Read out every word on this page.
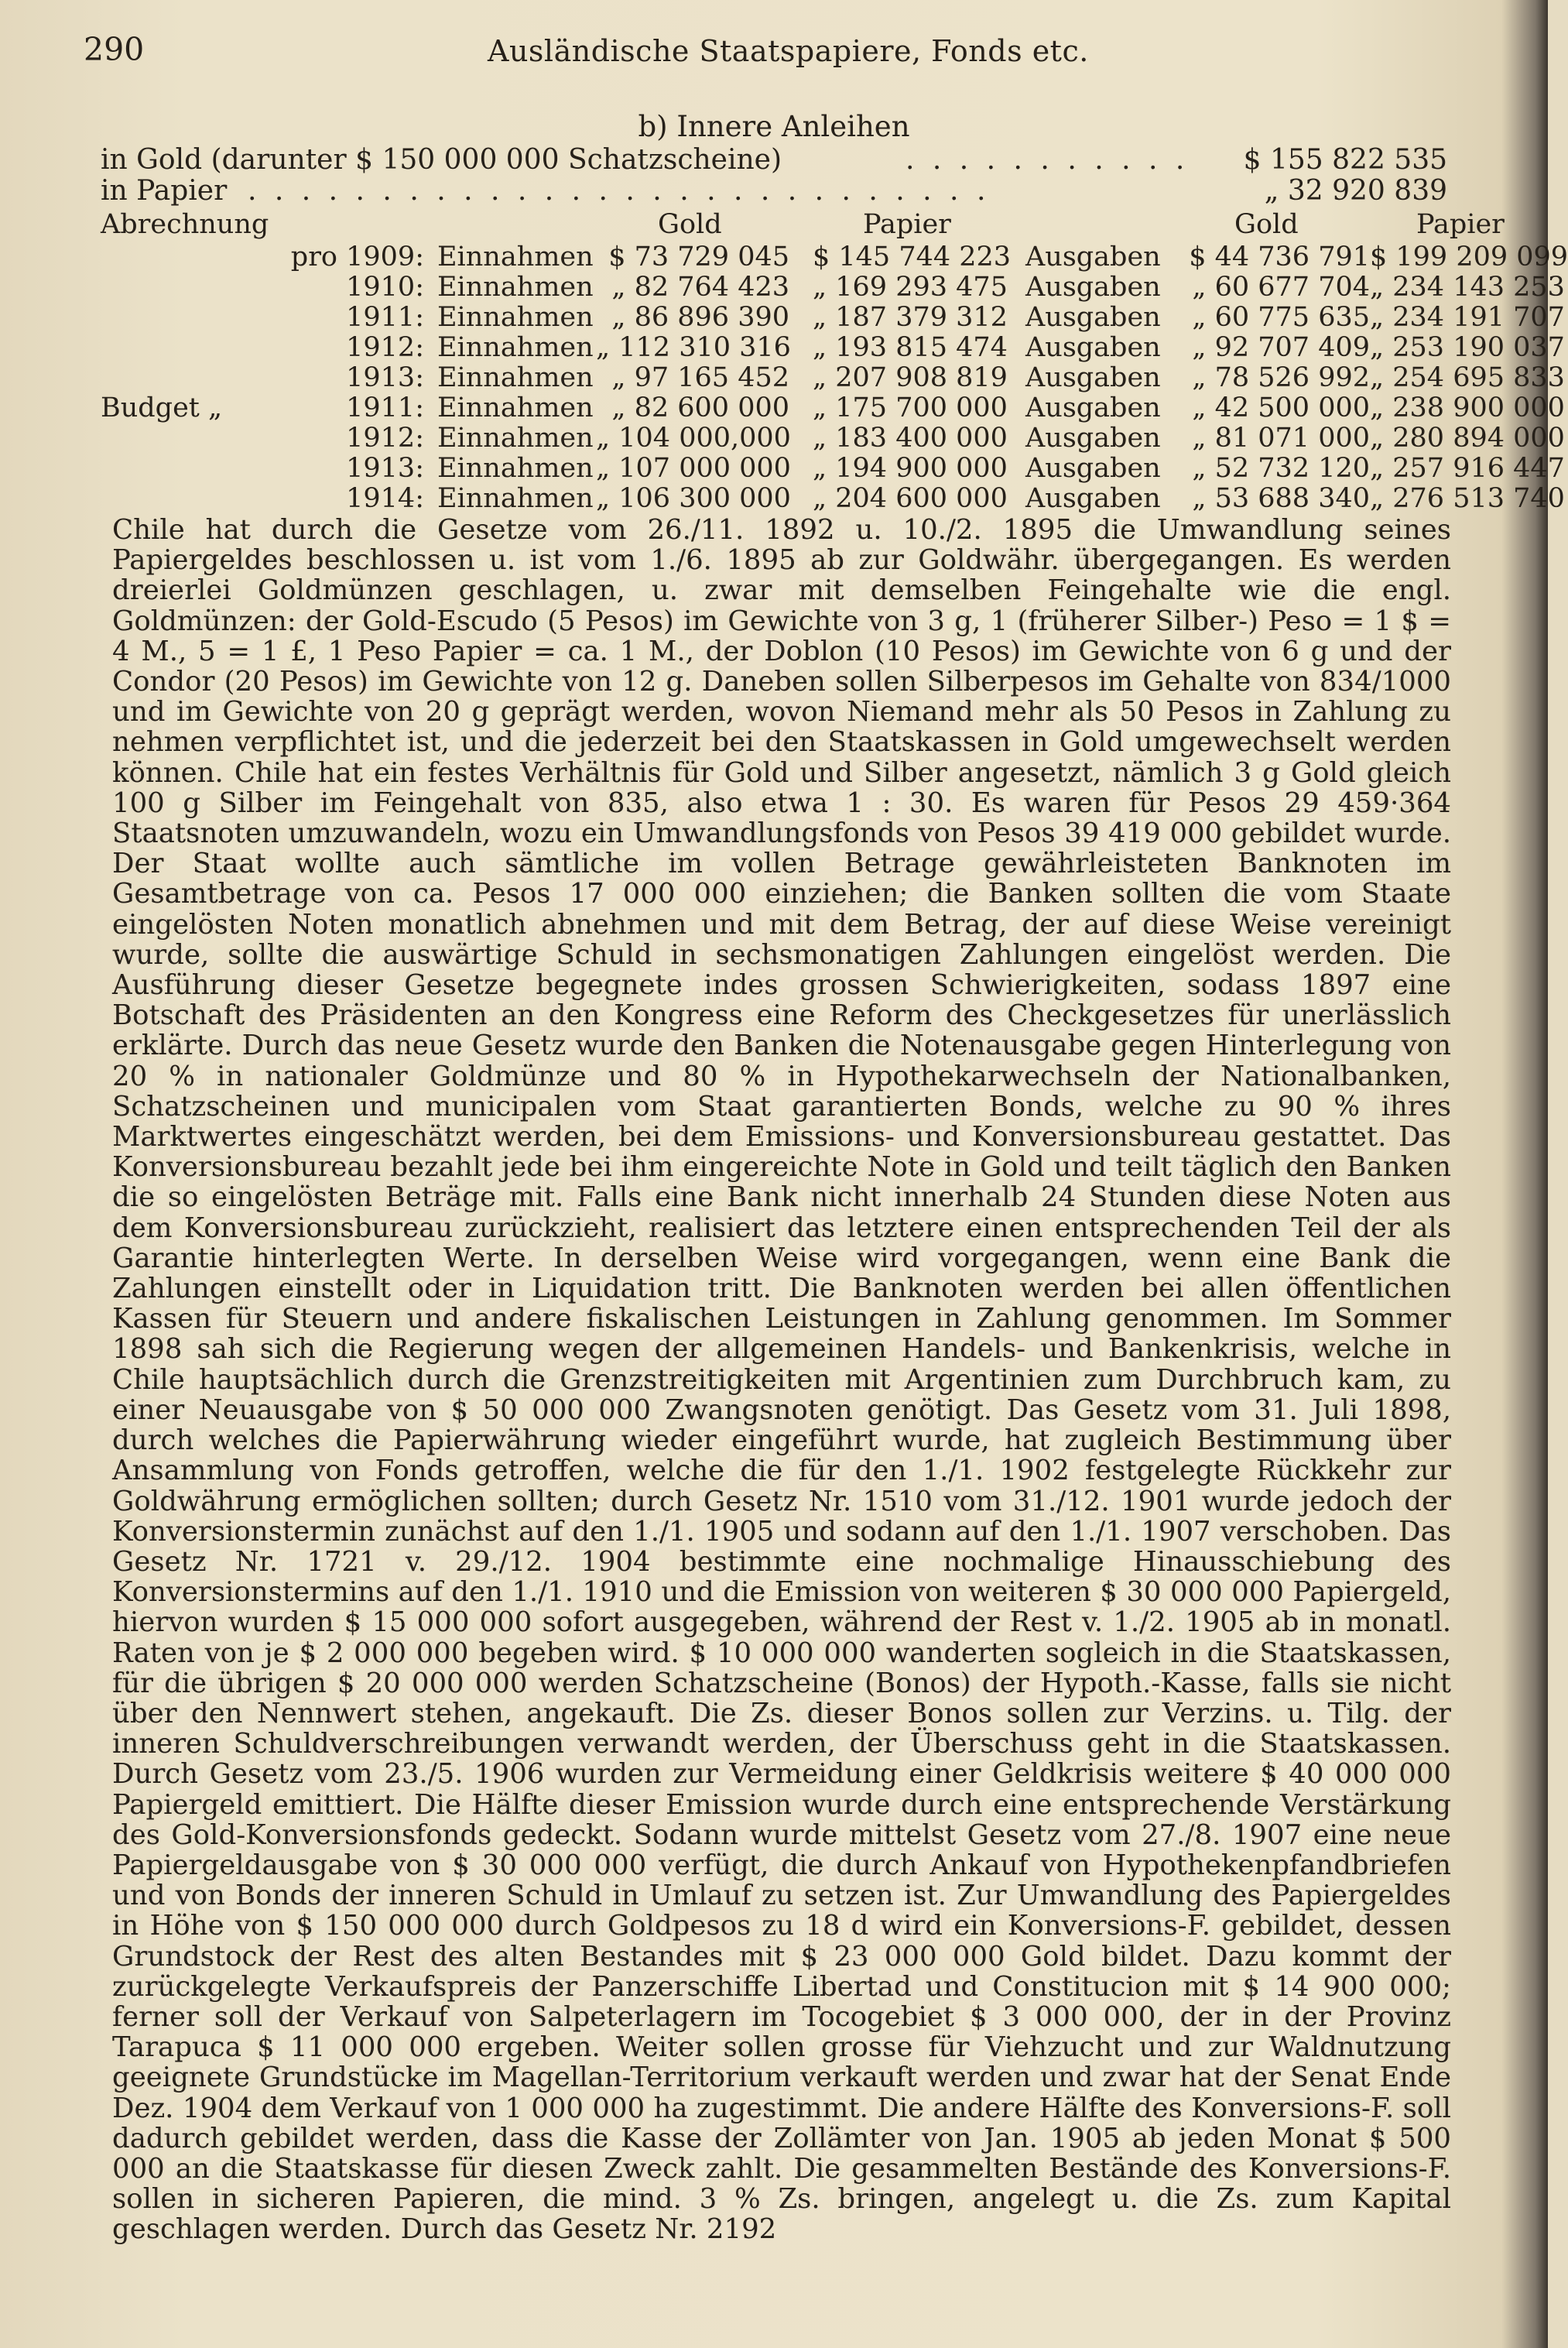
290	Ausländische Staatspapiere, Fonds etc.
b) Innere Anleihen
in Gold (darunter $ 150 000 000 Schatzscheine)	. . . . . . . . . . . $ 155 822 535
in Papier . . . . . . . . . . . . . . . . . . . . . . . . . . . .	„ 32 920 839
Abrechnung	Gold	Papier	Gold	Papier
pro 1909: Einnahmen $ 73 729 045 $ 145 744 223 Ausgaben	$ 44 736 791 $ 199 209 099
1910: Einnahmen „ 82 764 423 „ 169 293 475 Ausgaben	„ 60 677 704 „ 234 143 253
1911: Einnahmen „ 86 896 390 „ 187 379 312 Ausgaben	„ 60 775 635 „ 234 191 707
1912: Einnahmen „ 112 310 316 „ 193 815 474 Ausgaben	„ 92 707 409 „ 253 190 037
1913: Einnahmen „ 97 165 452 „ 207 908 819 Ausgaben	„ 78 526 992 „ 254 695 833
Budget „	1911: Einnahmen „ 82 600 000 „ 175 700 000 Ausgaben	„ 42 500 000 „ 238 900 000
1912: Einnahmen „ 104 000,000 „ 183 400 000 Ausgaben	„ 81 071 000 „ 280 894 000
1913: Einnahmen „ 107 000 000 „ 194 900 000 Ausgaben	„ 52 732 120 „ 257 916 447
1914: Einnahmen „ 106 300 000 „ 204 600 000 Ausgaben	„ 53 688 340 „ 276 513 740
Chile hat durch die Gesetze vom 26./11. 1892 u. 10./2. 1895 die Umwandlung seines Papiergeldes beschlossen u. ist vom 1./6. 1895 ab zur Goldwähr. übergegangen. Es werden dreierlei Goldmünzen geschlagen, u. zwar mit demselben Feingehalte wie die engl. Goldmünzen: der Gold-Escudo (5 Pesos) im Gewichte von 3 g, 1 (früherer Silber-) Peso = 1 $ = 4 M., 5 = 1 £, 1 Peso Papier = ca. 1 M., der Doblon (10 Pesos) im Gewichte von 6 g und der Condor (20 Pesos) im Gewichte von 12 g. Daneben sollen Silberpesos im Gehalte von 834/1000 und im Gewichte von 20 g geprägt werden, wovon Niemand mehr als 50 Pesos in Zahlung zu nehmen verpflichtet ist, und die jederzeit bei den Staatskassen in Gold umgewechselt werden können. Chile hat ein festes Verhältnis für Gold und Silber angesetzt, nämlich 3 g Gold gleich 100 g Silber im Feingehalt von 835, also etwa 1 : 30. Es waren für Pesos 29 459·364 Staatsnoten umzuwandeln, wozu ein Umwandlungsfonds von Pesos 39 419 000 gebildet wurde. Der Staat wollte auch sämtliche im vollen Betrage gewährleisteten Banknoten im Gesamtbetrage von ca. Pesos 17 000 000 einziehen; die Banken sollten die vom Staate eingelösten Noten monatlich abnehmen und mit dem Betrag, der auf diese Weise vereinigt wurde, sollte die auswärtige Schuld in sechsmonatigen Zahlungen eingelöst werden. Die Ausführung dieser Gesetze begegnete indes grossen Schwierigkeiten, sodass 1897 eine Botschaft des Präsidenten an den Kongress eine Reform des Checkgesetzes für unerlässlich erklärte. Durch das neue Gesetz wurde den Banken die Notenausgabe gegen Hinterlegung von 20 % in nationaler Goldmünze und 80 % in Hypothekarwechseln der Nationalbanken, Schatzscheinen und municipalen vom Staat garantierten Bonds, welche zu 90 % ihres Marktwertes eingeschätzt werden, bei dem Emissions- und Konversionsbureau gestattet. Das Konversionsbureau bezahlt jede bei ihm eingereichte Note in Gold und teilt täglich den Banken die so eingelösten Beträge mit. Falls eine Bank nicht innerhalb 24 Stunden diese Noten aus dem Konversionsbureau zurückzieht, realisiert das letztere einen entsprechenden Teil der als Garantie hinterlegten Werte. In derselben Weise wird vorgegangen, wenn eine Bank die Zahlungen einstellt oder in Liquidation tritt. Die Banknoten werden bei allen öffentlichen Kassen für Steuern und andere fiskalischen Leistungen in Zahlung genommen. Im Sommer 1898 sah sich die Regierung wegen der allgemeinen Handels- und Bankenkrisis, welche in Chile hauptsächlich durch die Grenzstreitigkeiten mit Argentinien zum Durchbruch kam, zu einer Neuausgabe von $ 50 000 000 Zwangsnoten genötigt. Das Gesetz vom 31. Juli 1898, durch welches die Papierwährung wieder eingeführt wurde, hat zugleich Bestimmung über Ansammlung von Fonds getroffen, welche die für den 1./1. 1902 festgelegte Rückkehr zur Goldwährung ermöglichen sollten; durch Gesetz Nr. 1510 vom 31./12. 1901 wurde jedoch der Konversionstermin zunächst auf den 1./1. 1905 und sodann auf den 1./1. 1907 verschoben. Das Gesetz Nr. 1721 v. 29./12. 1904 bestimmte eine nochmalige Hinausschiebung des Konversionstermins auf den 1./1. 1910 und die Emission von weiteren $ 30 000 000 Papiergeld, hiervon wurden $ 15 000 000 sofort ausgegeben, während der Rest v. 1./2. 1905 ab in monatl. Raten von je $ 2 000 000 begeben wird. $ 10 000 000 wanderten sogleich in die Staatskassen, für die übrigen $ 20 000 000 werden Schatzscheine (Bonos) der Hypoth.-Kasse, falls sie nicht über den Nennwert stehen, angekauft. Die Zs. dieser Bonos sollen zur Verzins. u. Tilg. der inneren Schuldverschreibungen verwandt werden, der Überschuss geht in die Staatskassen. Durch Gesetz vom 23./5. 1906 wurden zur Vermeidung einer Geldkrisis weitere $ 40 000 000 Papiergeld emittiert. Die Hälfte dieser Emission wurde durch eine entsprechende Verstärkung des Gold-Konversionsfonds gedeckt. Sodann wurde mittelst Gesetz vom 27./8. 1907 eine neue Papiergeldausgabe von $ 30 000 000 verfügt, die durch Ankauf von Hypothekenpfandbriefen und von Bonds der inneren Schuld in Umlauf zu setzen ist. Zur Umwandlung des Papiergeldes in Höhe von $ 150 000 000 durch Goldpesos zu 18 d wird ein Konversions-F. gebildet, dessen Grundstock der Rest des alten Bestandes mit $ 23 000 000 Gold bildet. Dazu kommt der zurückgelegte Verkaufspreis der Panzerschiffe Libertad und Constitucion mit $ 14 900 000; ferner soll der Verkauf von Salpeterlagern im Tocogebiet $ 3 000 000, der in der Provinz Tarapuca $ 11 000 000 ergeben. Weiter sollen grosse für Viehzucht und zur Waldnutzung geeignete Grundstücke im Magellan-Territorium verkauft werden und zwar hat der Senat Ende Dez. 1904 dem Verkauf von 1 000 000 ha zugestimmt. Die andere Hälfte des Konversions-F. soll dadurch gebildet werden, dass die Kasse der Zollämter von Jan. 1905 ab jeden Monat $ 500 000 an die Staatskasse für diesen Zweck zahlt. Die gesammelten Bestände des Konversions-F. sollen in sicheren Papieren, die mind. 3 % Zs. bringen, angelegt u. die Zs. zum Kapital geschlagen werden. Durch das Gesetz Nr. 2192
